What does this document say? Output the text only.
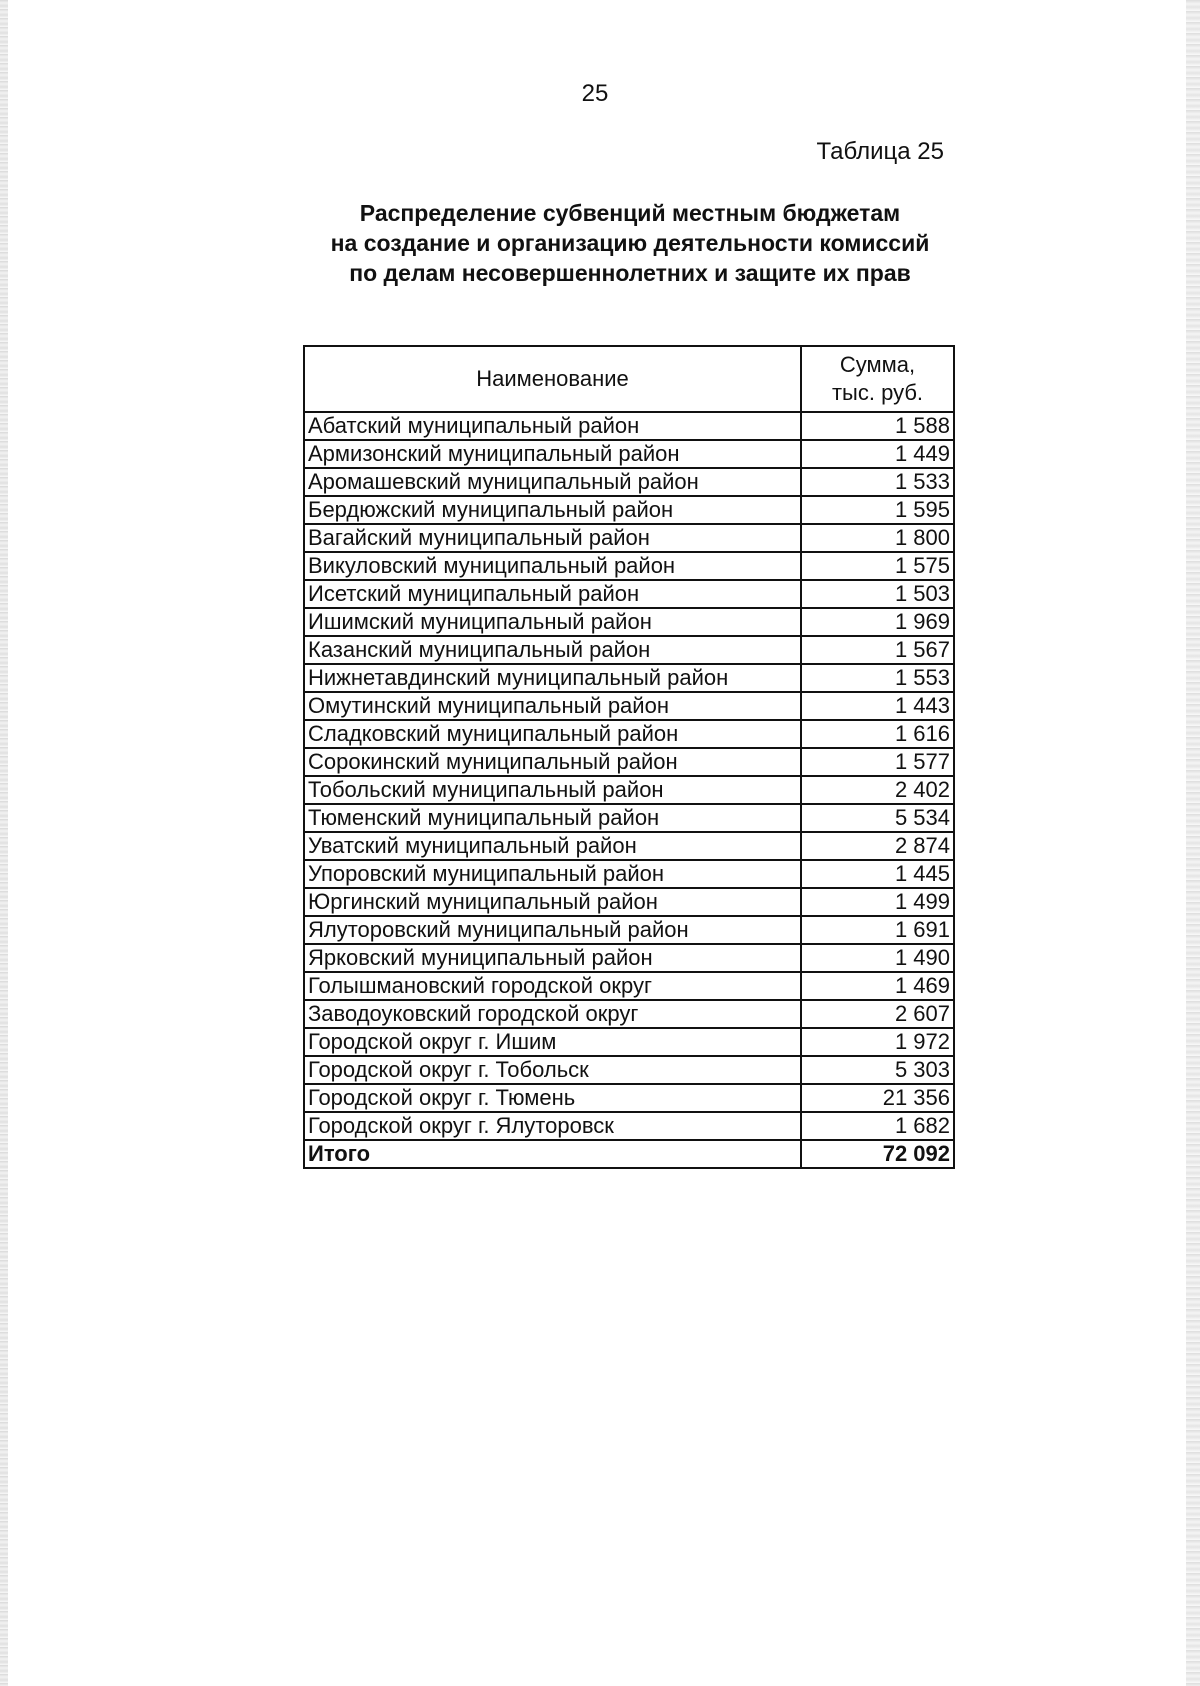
25
Таблица 25
Распределение субвенций местным бюджетам
на создание и организацию деятельности комиссий
по делам несовершеннолетних и защите их прав
Наименование	Сумма,
тыс. руб.

Абатский муниципальный район	1 588
Армизонский муниципальный район	1 449
Аромашевский муниципальный район	1 533
Бердюжский муниципальный район	1 595
Вагайский муниципальный район	1 800
Викуловский муниципальный район	1 575
Исетский муниципальный район	1 503
Ишимский муниципальный район	1 969
Казанский муниципальный район	1 567
Нижнетавдинский муниципальный район	1 553
Омутинский муниципальный район	1 443
Сладковский муниципальный район	1 616
Сорокинский муниципальный район	1 577
Тобольский муниципальный район	2 402
Тюменский муниципальный район	5 534
Уватский муниципальный район	2 874
Упоровский муниципальный район	1 445
Юргинский муниципальный район	1 499
Ялуторовский муниципальный район	1 691
Ярковский муниципальный район	1 490
Голышмановский городской округ	1 469
Заводоуковский городской округ	2 607
Городской округ г. Ишим	1 972
Городской округ г. Тобольск	5 303
Городской округ г. Тюмень	21 356
Городской округ г. Ялуторовск	1 682
Итого	72 092
